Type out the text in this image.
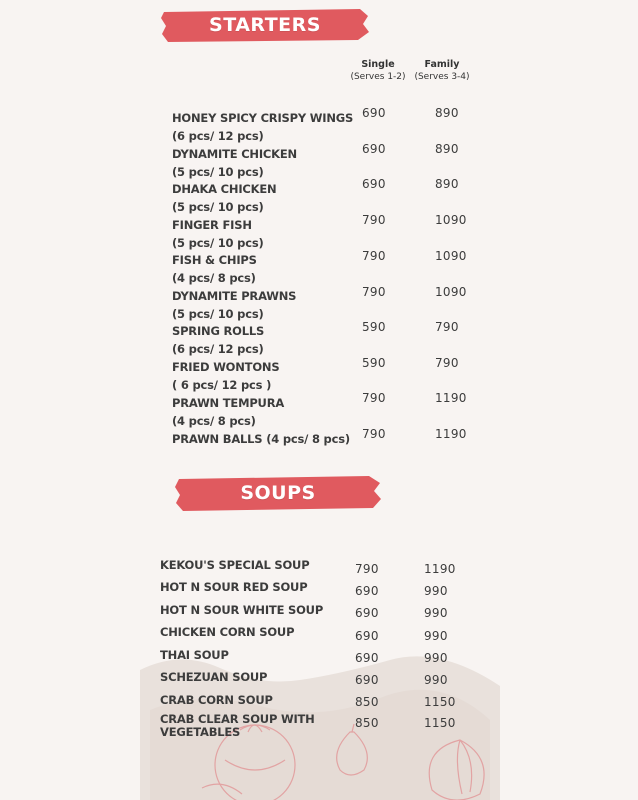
STARTERS
Single
(Serves 1-2)
Family
(Serves 3-4)
HONEY SPICY CRISPY WINGS
(6 pcs/ 12 pcs)
690	890
DYNAMITE CHICKEN
(5 pcs/ 10 pcs)
690	890
DHAKA CHICKEN
(5 pcs/ 10 pcs)
690	890
FINGER FISH
(5 pcs/ 10 pcs)
790	1090
FISH & CHIPS
(4 pcs/ 8 pcs)
790	1090
DYNAMITE PRAWNS
(5 pcs/ 10 pcs)
790	1090
SPRING ROLLS
(6 pcs/ 12 pcs)
590	790
FRIED WONTONS
( 6 pcs/ 12 pcs )
590	790
PRAWN TEMPURA
(4 pcs/ 8 pcs)
790	1190
PRAWN BALLS (4 pcs/ 8 pcs) 790	1190
SOUPS
KEKOU'S SPECIAL SOUP	790	1190
HOT N SOUR RED SOUP	690	990
HOT N SOUR WHITE SOUP	690	990
CHICKEN CORN SOUP	690	990
THAI SOUP	690	990
SCHEZUAN SOUP	690	990
CRAB CORN SOUP	850	1150
CRAB CLEAR SOUP WITH
VEGETABLES
850	1150
